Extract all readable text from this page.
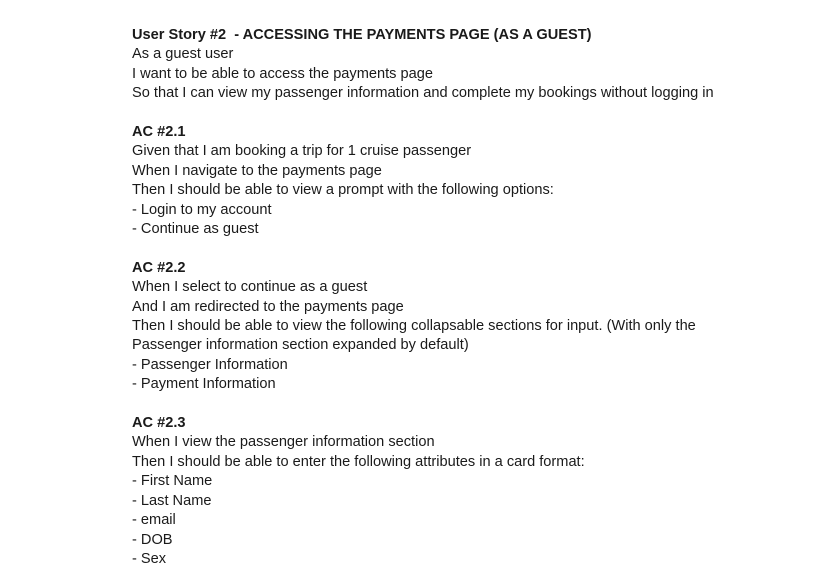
User Story #2  - ACCESSING THE PAYMENTS PAGE (AS A GUEST)
As a guest user
I want to be able to access the payments page
So that I can view my passenger information and complete my bookings without logging in
AC #2.1
Given that I am booking a trip for 1 cruise passenger
When I navigate to the payments page
Then I should be able to view a prompt with the following options:
- Login to my account
- Continue as guest
AC #2.2
When I select to continue as a guest
And I am redirected to the payments page
Then I should be able to view the following collapsable sections for input. (With only the
Passenger information section expanded by default)
- Passenger Information
- Payment Information
AC #2.3
When I view the passenger information section
Then I should be able to enter the following attributes in a card format:
- First Name
- Last Name
- email
- DOB
- Sex
